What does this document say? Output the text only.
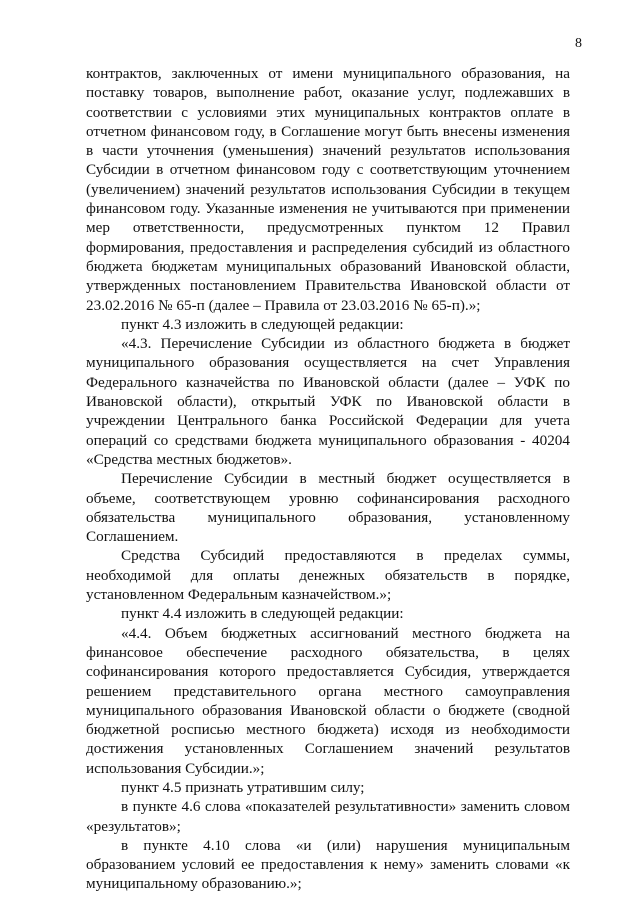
8

контрактов, заключенных от имени муниципального образования, на поставку товаров, выполнение работ, оказание услуг, подлежавших в соответствии с условиями этих муниципальных контрактов оплате в отчетном финансовом году, в Соглашение могут быть внесены изменения в части уточнения (уменьшения) значений результатов использования Субсидии в отчетном финансовом году с соответствующим уточнением (увеличением) значений результатов использования Субсидии в текущем финансовом году. Указанные изменения не учитываются при применении мер ответственности, предусмотренных пунктом 12 Правил формирования, предоставления и распределения субсидий из областного бюджета бюджетам муниципальных образований Ивановской области, утвержденных постановлением Правительства Ивановской области от 23.02.2016 № 65-п (далее – Правила от 23.03.2016 № 65-п).»;

пункт 4.3 изложить в следующей редакции:

«4.3. Перечисление Субсидии из областного бюджета в бюджет муниципального образования осуществляется на счет Управления Федерального казначейства по Ивановской области (далее – УФК по Ивановской области), открытый УФК по Ивановской области в учреждении Центрального банка Российской Федерации для учета операций со средствами бюджета муниципального образования - 40204 «Средства местных бюджетов».

Перечисление Субсидии в местный бюджет осуществляется в объеме, соответствующем уровню софинансирования расходного обязательства муниципального образования, установленному Соглашением.

Средства Субсидий предоставляются в пределах суммы, необходимой для оплаты денежных обязательств в порядке, установленном Федеральным казначейством.»;

пункт 4.4 изложить в следующей редакции:

«4.4. Объем бюджетных ассигнований местного бюджета на финансовое обеспечение расходного обязательства, в целях софинансирования которого предоставляется Субсидия, утверждается решением представительного органа местного самоуправления муниципального образования Ивановской области о бюджете (сводной бюджетной росписью местного бюджета) исходя из необходимости достижения установленных Соглашением значений результатов использования Субсидии.»;

пункт 4.5 признать утратившим силу;

в пункте 4.6 слова «показателей результативности» заменить словом «результатов»;

в пункте 4.10 слова «и (или) нарушения муниципальным образованием условий ее предоставления к нему» заменить словами «к муниципальному образованию.»;
